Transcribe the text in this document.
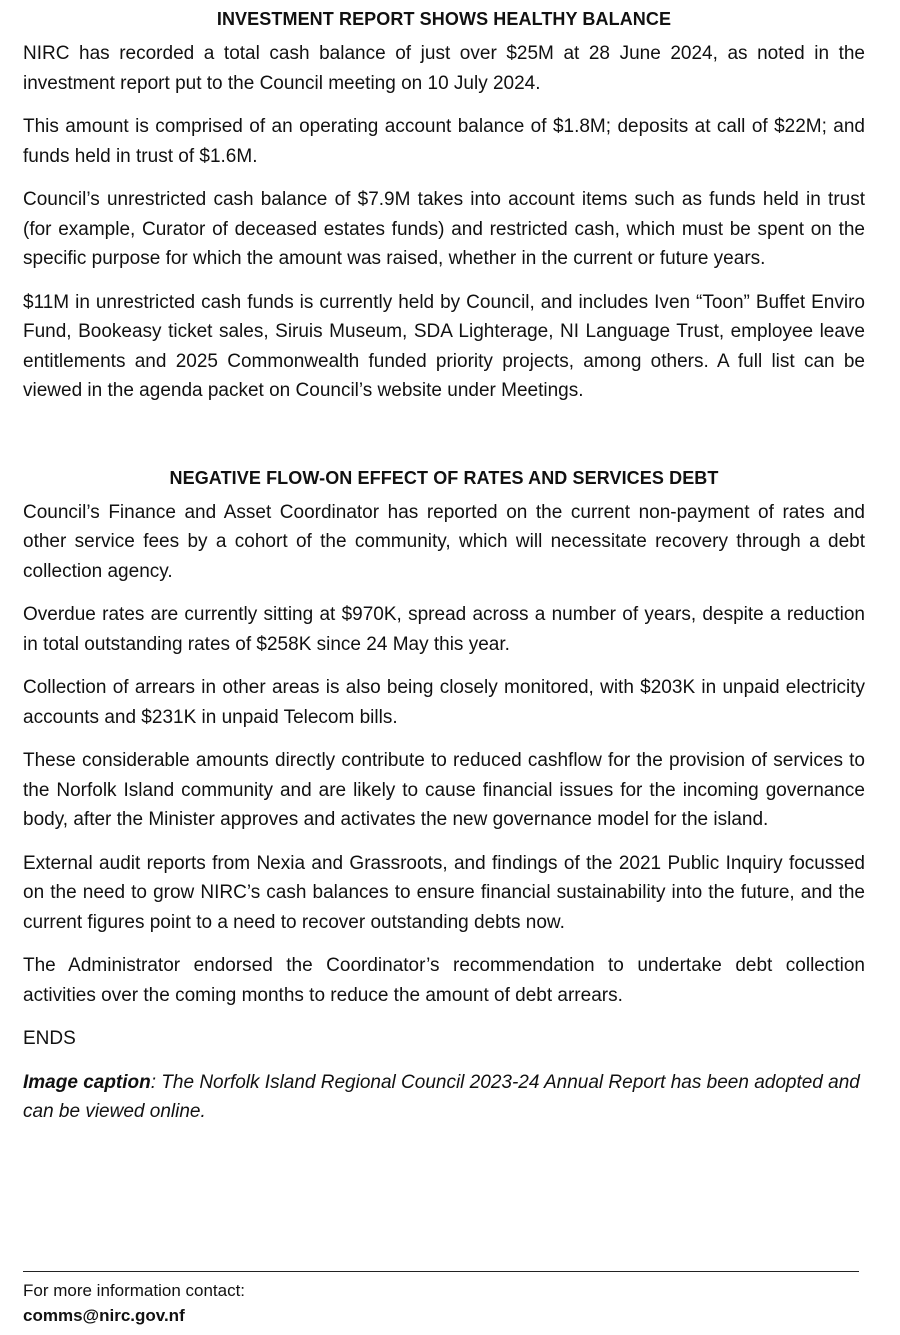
INVESTMENT REPORT SHOWS HEALTHY BALANCE

NIRC has recorded a total cash balance of just over $25M at 28 June 2024, as noted in the investment report put to the Council meeting on 10 July 2024.

This amount is comprised of an operating account balance of $1.8M; deposits at call of $22M; and funds held in trust of $1.6M.

Council’s unrestricted cash balance of $7.9M takes into account items such as funds held in trust (for example, Curator of deceased estates funds) and restricted cash, which must be spent on the specific purpose for which the amount was raised, whether in the current or future years.

$11M in unrestricted cash funds is currently held by Council, and includes Iven “Toon” Buffet Enviro Fund, Bookeasy ticket sales, Siruis Museum, SDA Lighterage, NI Language Trust, employee leave entitlements and 2025 Commonwealth funded priority projects, among others. A full list can be viewed in the agenda packet on Council’s website under Meetings.

NEGATIVE FLOW-ON EFFECT OF RATES AND SERVICES DEBT

Council’s Finance and Asset Coordinator has reported on the current non-payment of rates and other service fees by a cohort of the community, which will necessitate recovery through a debt collection agency.

Overdue rates are currently sitting at $970K, spread across a number of years, despite a reduction in total outstanding rates of $258K since 24 May this year.

Collection of arrears in other areas is also being closely monitored, with $203K in unpaid electricity accounts and $231K in unpaid Telecom bills.

These considerable amounts directly contribute to reduced cashflow for the provision of services to the Norfolk Island community and are likely to cause financial issues for the incoming governance body, after the Minister approves and activates the new governance model for the island.

External audit reports from Nexia and Grassroots, and findings of the 2021 Public Inquiry focussed on the need to grow NIRC’s cash balances to ensure financial sustainability into the future, and the current figures point to a need to recover outstanding debts now.

The Administrator endorsed the Coordinator’s recommendation to undertake debt collection activities over the coming months to reduce the amount of debt arrears.

ENDS

Image caption: The Norfolk Island Regional Council 2023-24 Annual Report has been adopted and can be viewed online.

For more information contact:
comms@nirc.gov.nf
